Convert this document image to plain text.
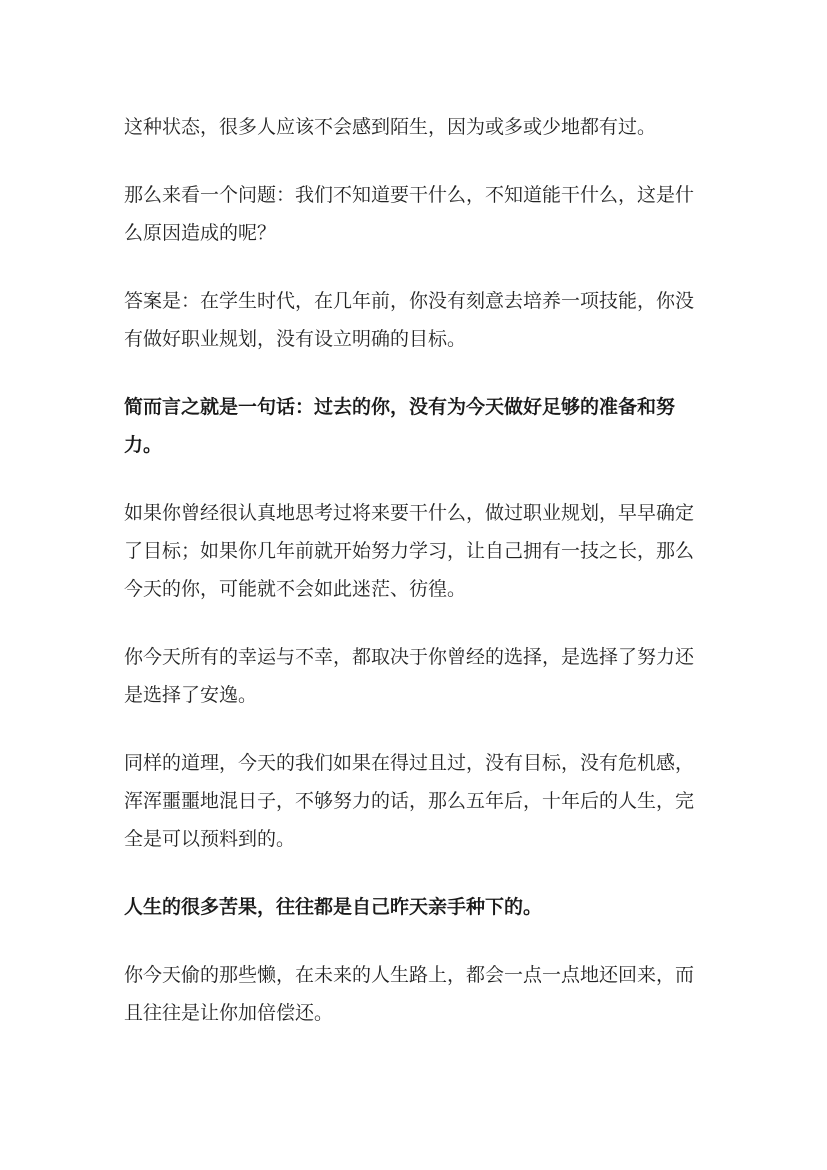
这种状态，很多人应该不会感到陌生，因为或多或少地都有过。

那么来看一个问题：我们不知道要干什么，不知道能干什么，这是什
么原因造成的呢？

答案是：在学生时代，在几年前，你没有刻意去培养一项技能，你没
有做好职业规划，没有设立明确的目标。

简而言之就是一句话：过去的你，没有为今天做好足够的准备和努力。

如果你曾经很认真地思考过将来要干什么，做过职业规划，早早确定
了目标；如果你几年前就开始努力学习，让自己拥有一技之长，那么
今天的你，可能就不会如此迷茫、彷徨。

你今天所有的幸运与不幸，都取决于你曾经的选择，是选择了努力还
是选择了安逸。

同样的道理，今天的我们如果在得过且过，没有目标，没有危机感，
浑浑噩噩地混日子，不够努力的话，那么五年后，十年后的人生，完
全是可以预料到的。

人生的很多苦果，往往都是自己昨天亲手种下的。

你今天偷的那些懒，在未来的人生路上，都会一点一点地还回来，而
且往往是让你加倍偿还。
